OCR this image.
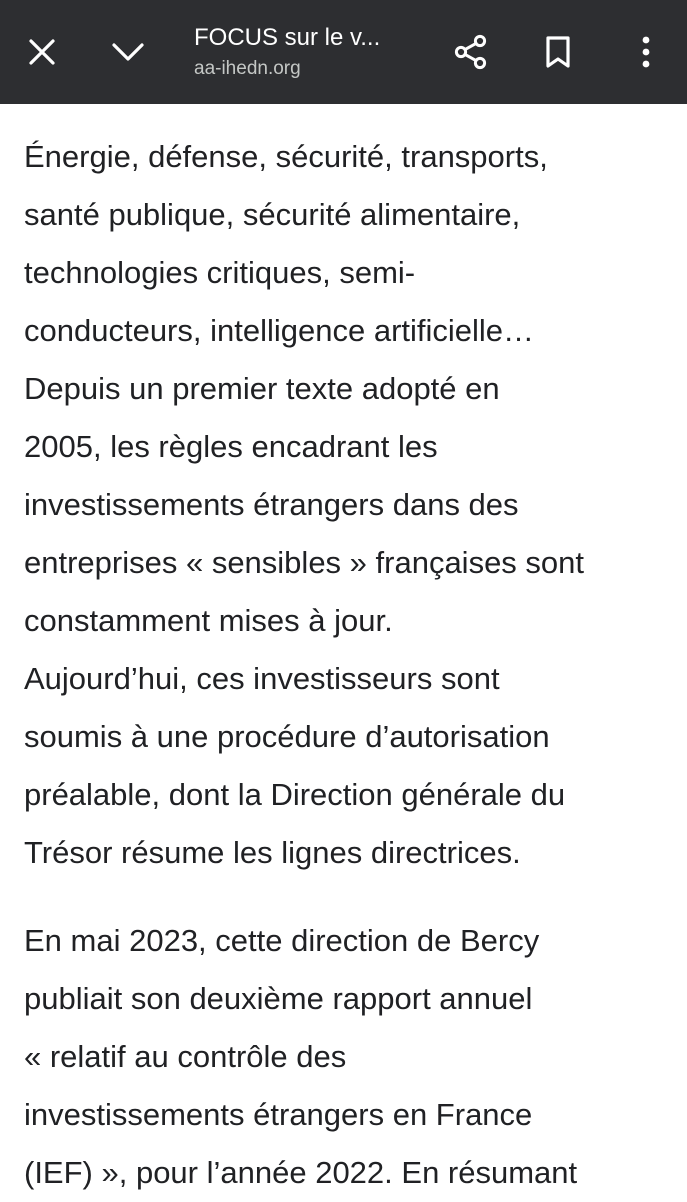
FOCUS sur le v...
aa-ihedn.org

Énergie, défense, sécurité, transports,
santé publique, sécurité alimentaire,
technologies critiques, semi-
conducteurs, intelligence artificielle…
Depuis un premier texte adopté en
2005, les règles encadrant les
investissements étrangers dans des
entreprises « sensibles » françaises sont
constamment mises à jour.
Aujourd’hui, ces investisseurs sont
soumis à une procédure d’autorisation
préalable, dont la Direction générale du
Trésor résume les lignes directrices.

En mai 2023, cette direction de Bercy
publiait son deuxième rapport annuel
« relatif au contrôle des
investissements étrangers en France
(IEF) », pour l’année 2022. En résumant
